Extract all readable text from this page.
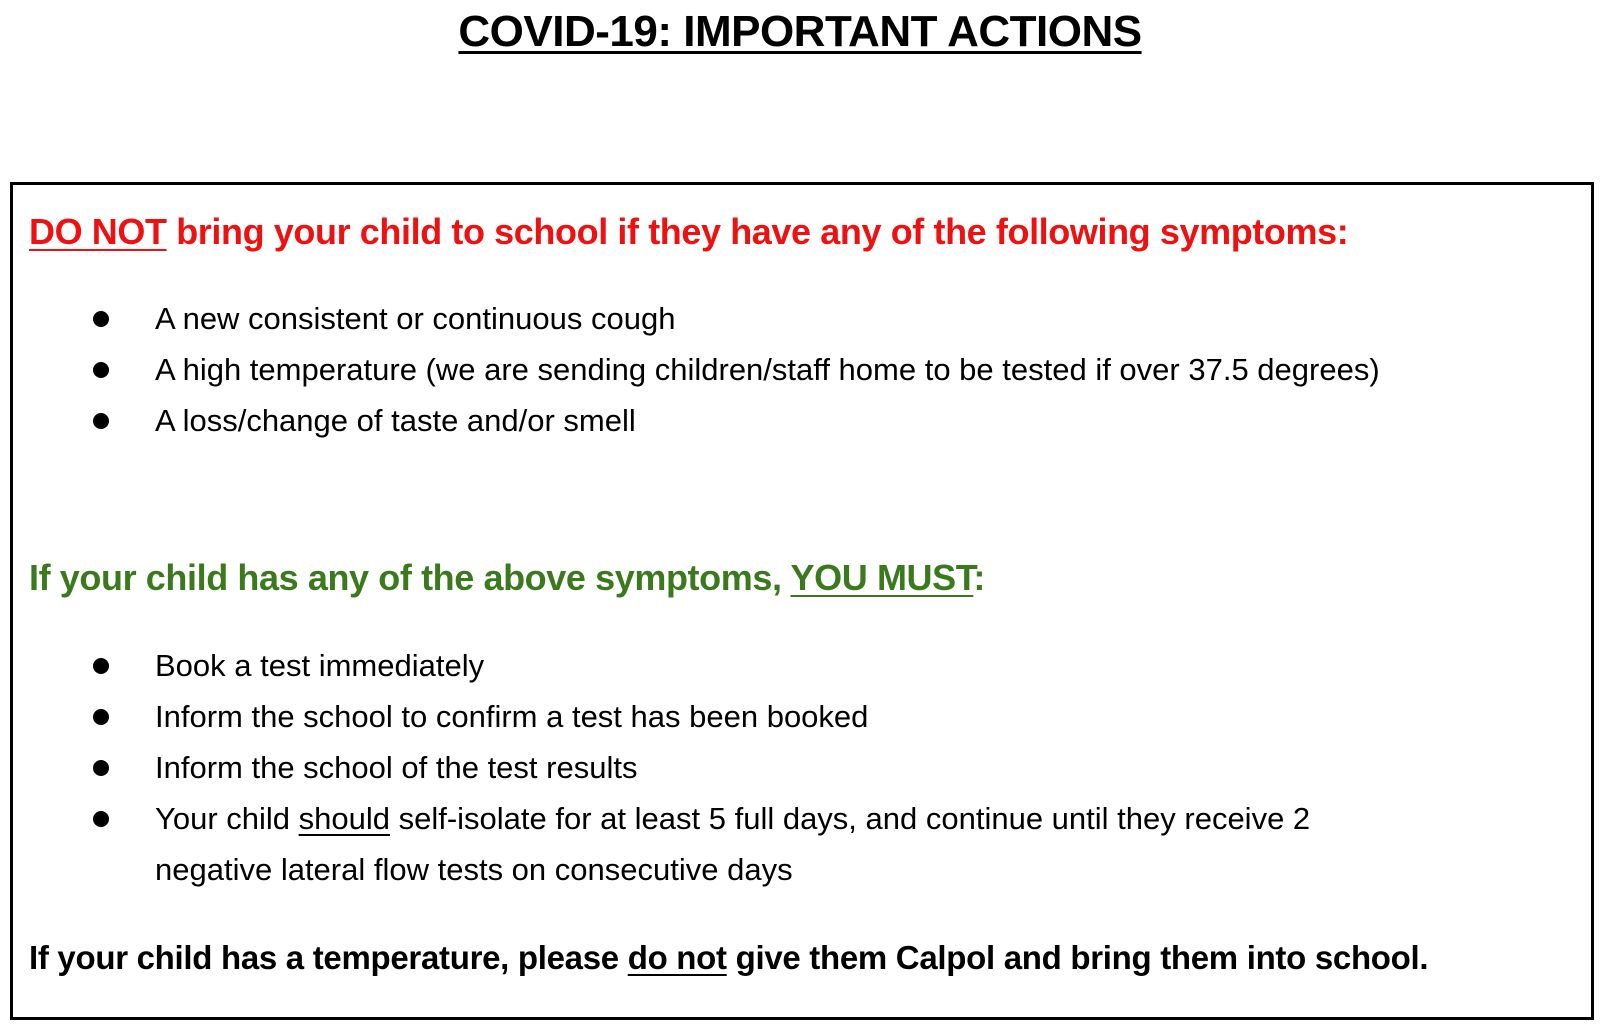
COVID-19: IMPORTANT ACTIONS
DO NOT bring your child to school if they have any of the following symptoms:
A new consistent or continuous cough
A high temperature (we are sending children/staff home to be tested if over 37.5 degrees)
A loss/change of taste and/or smell
If your child has any of the above symptoms, YOU MUST:
Book a test immediately
Inform the school to confirm a test has been booked
Inform the school of the test results
Your child should self-isolate for at least 5 full days, and continue until they receive 2
negative lateral flow tests on consecutive days
If your child has a temperature, please do not give them Calpol and bring them into school.
